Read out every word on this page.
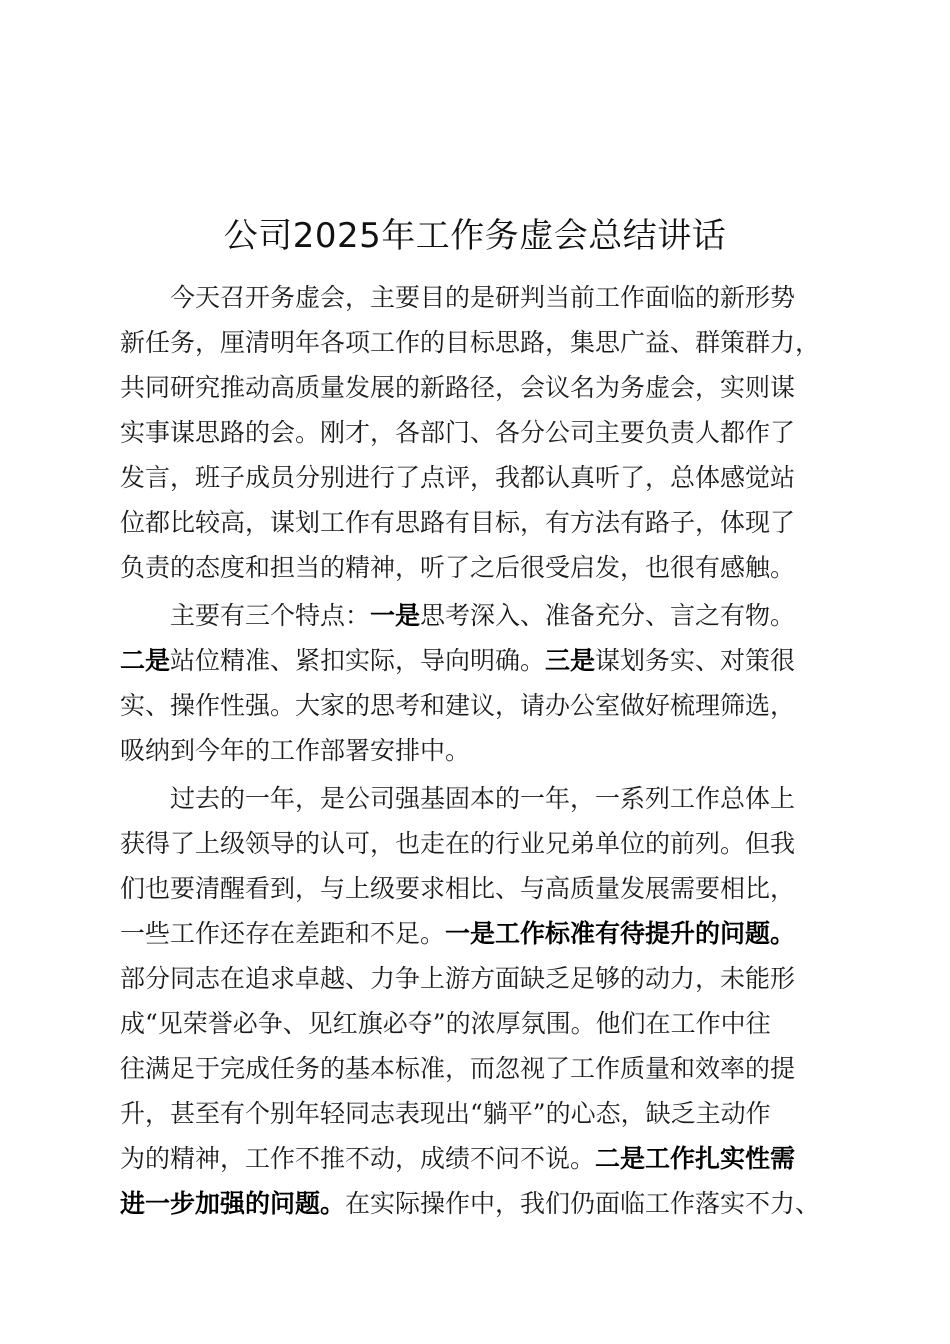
公司2025年工作务虚会总结讲话
今天召开务虚会，主要目的是研判当前工作面临的新形势
新任务，厘清明年各项工作的目标思路，集思广益、群策群力，
共同研究推动高质量发展的新路径，会议名为务虚会，实则谋
实事谋思路的会。刚才，各部门、各分公司主要负责人都作了
发言，班子成员分别进行了点评，我都认真听了，总体感觉站
位都比较高，谋划工作有思路有目标，有方法有路子，体现了
负责的态度和担当的精神，听了之后很受启发，也很有感触。
主要有三个特点：一是思考深入、准备充分、言之有物。
二是站位精准、紧扣实际，导向明确。三是谋划务实、对策很
实、操作性强。大家的思考和建议，请办公室做好梳理筛选，
吸纳到今年的工作部署安排中。
过去的一年，是公司强基固本的一年，一系列工作总体上
获得了上级领导的认可，也走在的行业兄弟单位的前列。但我
们也要清醒看到，与上级要求相比、与高质量发展需要相比，
一些工作还存在差距和不足。一是工作标准有待提升的问题。
部分同志在追求卓越、力争上游方面缺乏足够的动力，未能形
成“见荣誉必争、见红旗必夺”的浓厚氛围。他们在工作中往
往满足于完成任务的基本标准，而忽视了工作质量和效率的提
升，甚至有个别年轻同志表现出“躺平”的心态，缺乏主动作
为的精神，工作不推不动，成绩不问不说。二是工作扎实性需
进一步加强的问题。在实际操作中，我们仍面临工作落实不力、
